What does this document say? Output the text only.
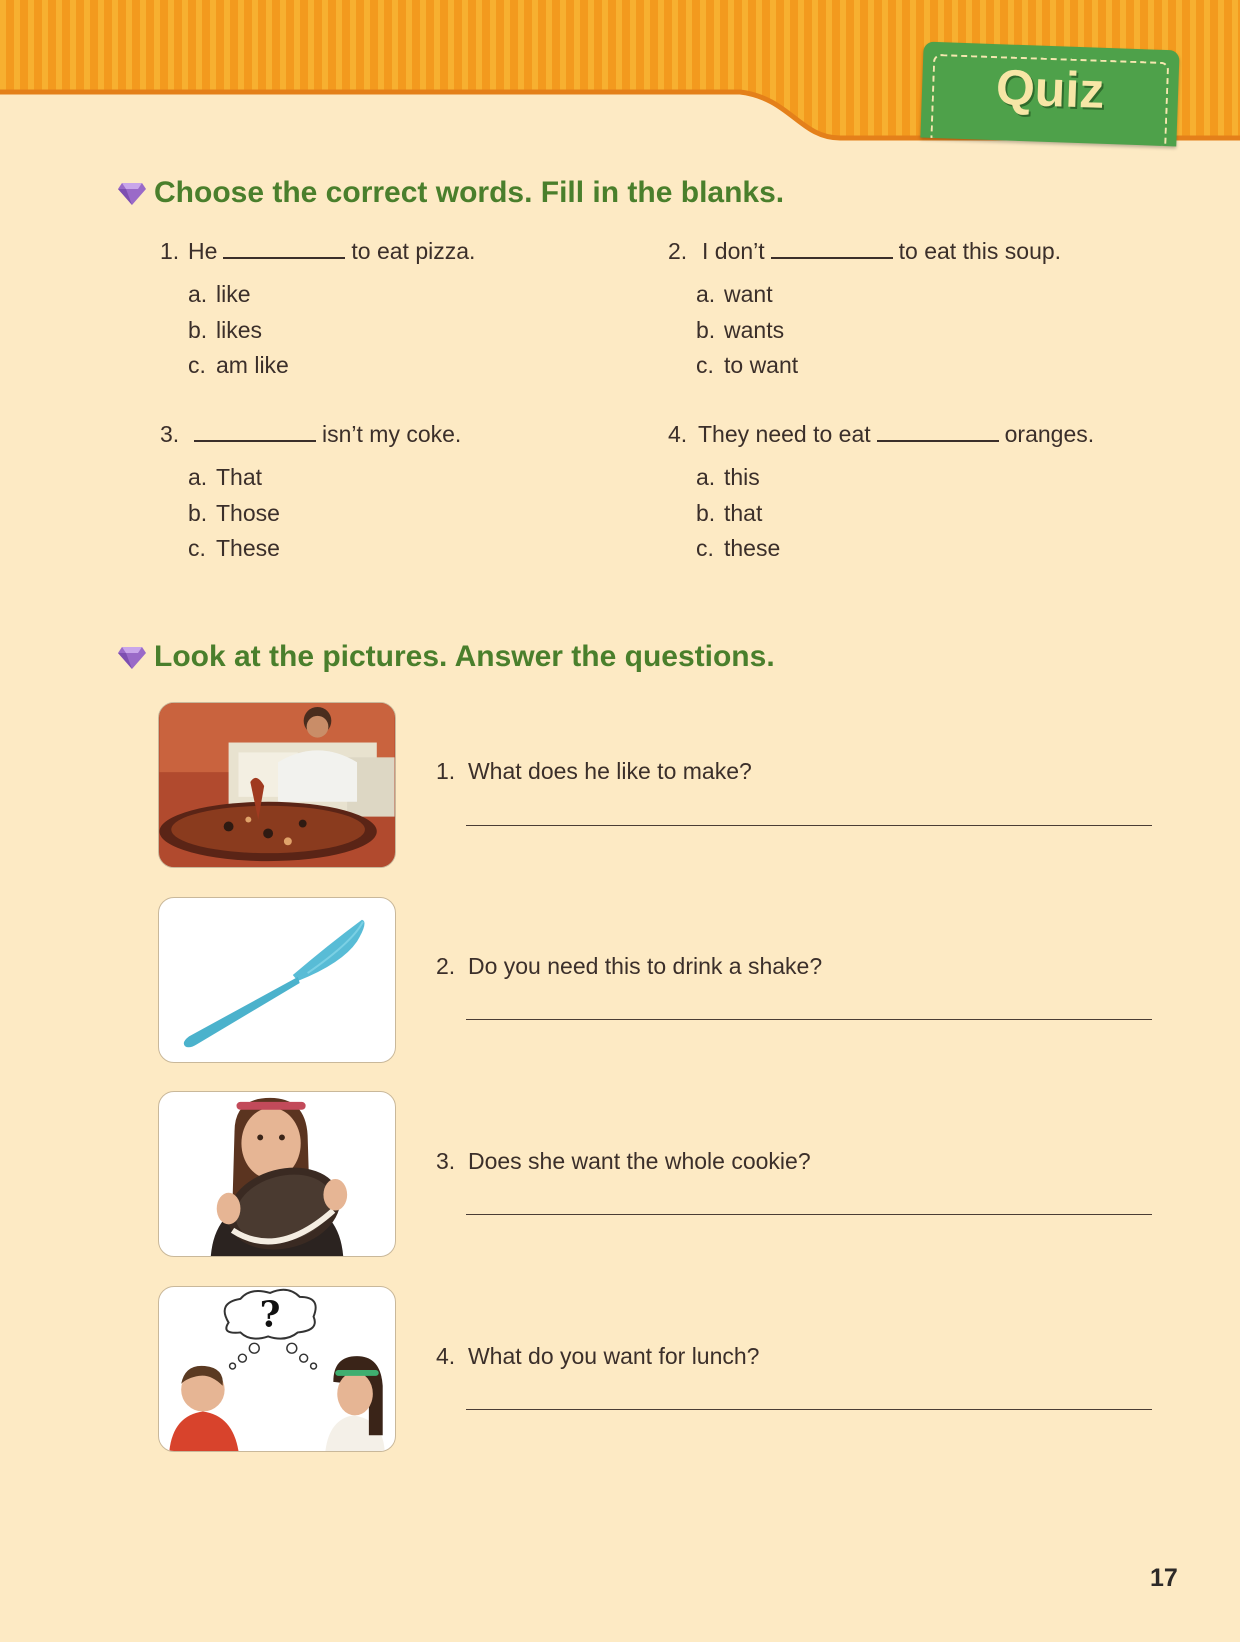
Quiz
Choose the correct words. Fill in the blanks.
1. He	to eat pizza.
a. like
b. likes
c. am like
2. I don’t	to eat this soup.
a. want
b. wants
c. to want
3.	isn’t my coke.
a. That
b. Those
c. These
4. They need to eat	oranges.
a. this
b. that
c. these
Look at the pictures. Answer the questions.
1. What does he like to make?
2. Do you need this to drink a shake?
3. Does she want the whole cookie?
?
4. What do you want for lunch?
17
